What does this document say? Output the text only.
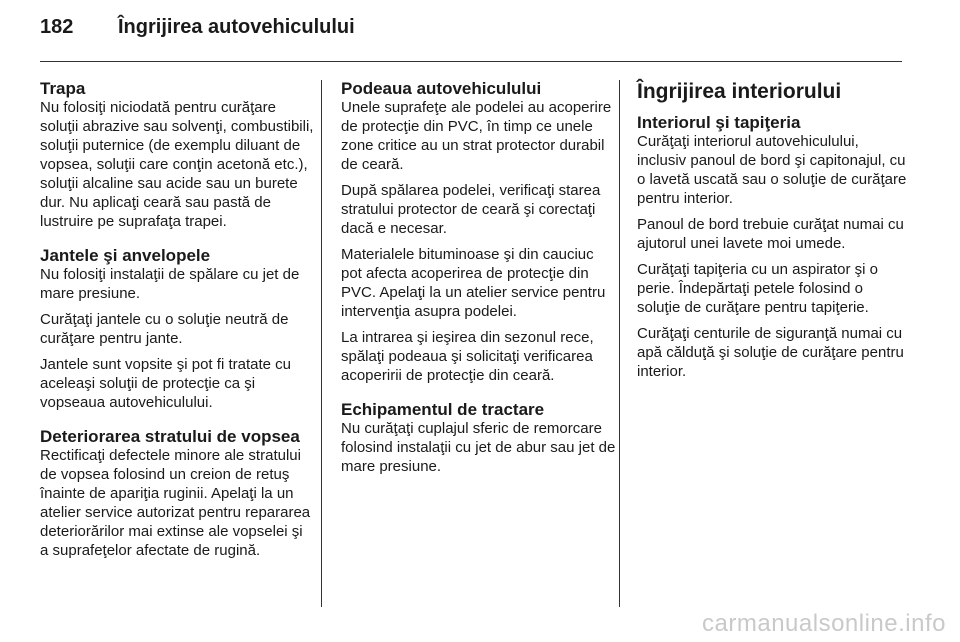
182	Îngrijirea autovehiculului
Trapa

Nu folosiţi niciodată pentru curăţare soluţii abrazive sau solvenţi, combustibili, soluţii puternice (de exemplu diluant de vopsea, soluţii care conţin acetonă etc.), soluţii alcaline sau acide sau un burete dur. Nu aplicaţi ceară sau pastă de lustruire pe suprafaţa trapei.

Jantele şi anvelopele

Nu folosiţi instalaţii de spălare cu jet de mare presiune.

Curăţaţi jantele cu o soluţie neutră de curăţare pentru jante.

Jantele sunt vopsite şi pot fi tratate cu aceleaşi soluţii de protecţie ca şi vopseaua autovehiculului.

Deteriorarea stratului de vopsea

Rectificaţi defectele minore ale stratului de vopsea folosind un creion de retuş înainte de apariţia ruginii. Apelaţi la un atelier service autorizat pentru repararea deteriorărilor mai extinse ale vopselei şi a suprafeţelor afectate de rugină.

Podeaua autovehiculului

Unele suprafeţe ale podelei au acoperire de protecţie din PVC, în timp ce unele zone critice au un strat protector durabil de ceară.

După spălarea podelei, verificaţi starea stratului protector de ceară şi corectaţi dacă e necesar.

Materialele bituminoase şi din cauciuc pot afecta acoperirea de protecţie din PVC. Apelaţi la un atelier service pentru intervenţia asupra podelei.

La intrarea şi ieşirea din sezonul rece, spălaţi podeaua şi solicitaţi verificarea acoperirii de protecţie din ceară.

Echipamentul de tractare

Nu curăţaţi cuplajul sferic de remorcare folosind instalaţii cu jet de abur sau jet de mare presiune.

Îngrijirea interiorului
Interiorul şi tapiţeria

Curăţaţi interiorul autovehiculului, inclusiv panoul de bord şi capitonajul, cu o lavetă uscată sau o soluţie de curăţare pentru interior.

Panoul de bord trebuie curăţat numai cu ajutorul unei lavete moi umede.

Curăţaţi tapiţeria cu un aspirator şi o perie. Îndepărtaţi petele folosind o soluţie de curăţare pentru tapiţerie.

Curăţaţi centurile de siguranţă numai cu apă călduţă şi soluţie de curăţare pentru interior.

carmanualsonline.info
